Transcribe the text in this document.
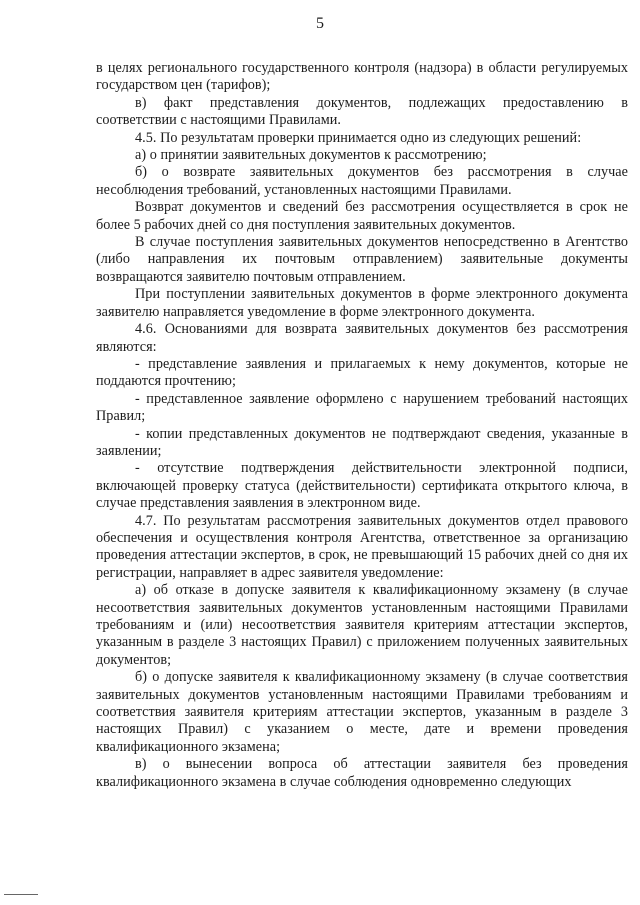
5

в целях регионального государственного контроля (надзора) в области регулируемых государством цен (тарифов);

в) факт представления документов, подлежащих предоставлению в соответствии с настоящими Правилами.

4.5. По результатам проверки принимается одно из следующих решений:

а) о принятии заявительных документов к рассмотрению;

б) о возврате заявительных документов без рассмотрения в случае несоблюдения требований, установленных настоящими Правилами.

Возврат документов и сведений без рассмотрения осуществляется в срок не более 5 рабочих дней со дня поступления заявительных документов.

В случае поступления заявительных документов непосредственно в Агентство (либо направления их почтовым отправлением) заявительные документы возвращаются заявителю почтовым отправлением.

При поступлении заявительных документов в форме электронного документа заявителю направляется уведомление в форме электронного документа.

4.6. Основаниями для возврата заявительных документов без рассмотрения являются:

- представление заявления и прилагаемых к нему документов, которые не поддаются прочтению;

- представленное заявление оформлено с нарушением требований настоящих Правил;

- копии представленных документов не подтверждают сведения, указанные в заявлении;

- отсутствие подтверждения действительности электронной подписи, включающей проверку статуса (действительности) сертификата открытого ключа, в случае представления заявления в электронном виде.

4.7. По результатам рассмотрения заявительных документов отдел правового обеспечения и осуществления контроля Агентства, ответственное за организацию проведения аттестации экспертов, в срок, не превышающий 15 рабочих дней со дня их регистрации, направляет в адрес заявителя уведомление:

а) об отказе в допуске заявителя к квалификационному экзамену (в случае несоответствия заявительных документов установленным настоящими Правилами требованиям и (или) несоответствия заявителя критериям аттестации экспертов, указанным в разделе 3 настоящих Правил) с приложением полученных заявительных документов;

б) о допуске заявителя к квалификационному экзамену (в случае соответствия заявительных документов установленным настоящими Правилами требованиям и соответствия заявителя критериям аттестации экспертов, указанным в разделе 3 настоящих Правил) с указанием о месте, дате и времени проведения квалификационного экзамена;

в) о вынесении вопроса об аттестации заявителя без проведения квалификационного экзамена в случае соблюдения одновременно следующих
